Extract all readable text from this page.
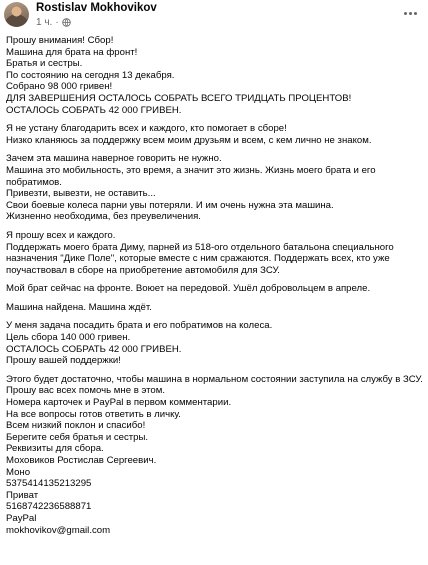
Rostislav Mokhovikov
1 ч. ·
Прошу внимания! Сбор!
Машина для брата на фронт!
Братья и сестры.
По состоянию на сегодня 13 декабря.
Собрано 98 000 гривен!
ДЛЯ ЗАВЕРШЕНИЯ ОСТАЛОСЬ СОБРАТЬ ВСЕГО ТРИДЦАТЬ ПРОЦЕНТОВ!
ОСТАЛОСЬ СОБРАТЬ 42 000 ГРИВЕН.
Я не устану благодарить всех и каждого, кто помогает в сборе!
Низко кланяюсь за поддержку всем моим друзьям и всем, с кем лично не знаком.
Зачем эта машина наверное говорить не нужно.
Машина это мобильность, это время, а значит это жизнь. Жизнь моего брата и его
побратимов.
Привезти, вывезти, не оставить...
Свои боевые колеса парни увы потеряли. И им очень нужна эта машина.
Жизненно необходима, без преувеличения.
Я прошу всех и каждого.
Поддержать моего брата Диму, парней из 518-ого отдельного батальона специального
назначения "Дике Поле", которые вместе с ним сражаются. Поддержать всех, кто уже
поучаствовал в сборе на приобретение автомобиля для ЗСУ.
Мой брат сейчас на фронте. Воюет на передовой. Ушёл добровольцем в апреле.
Машина найдена. Машина ждёт.
У меня задача посадить брата и его побратимов на колеса.
Цель сбора 140 000 гривен.
ОСТАЛОСЬ СОБРАТЬ 42 000 ГРИВЕН.
Прошу вашей поддержки!
Этого будет достаточно, чтобы машина в нормальном состоянии заступила на службу в ЗСУ.
Прошу вас всех помочь мне в этом.
Номера карточек и PayPal в первом комментарии.
На все вопросы готов ответить в личку.
Всем низкий поклон и спасибо!
Берегите себя братья и сестры.
Реквизиты для сбора.
Моховиков Ростислав Сергеевич.
Моно
5375414135213295
Приват
5168742236588871
PayPal
mokhovikov@gmail.com
